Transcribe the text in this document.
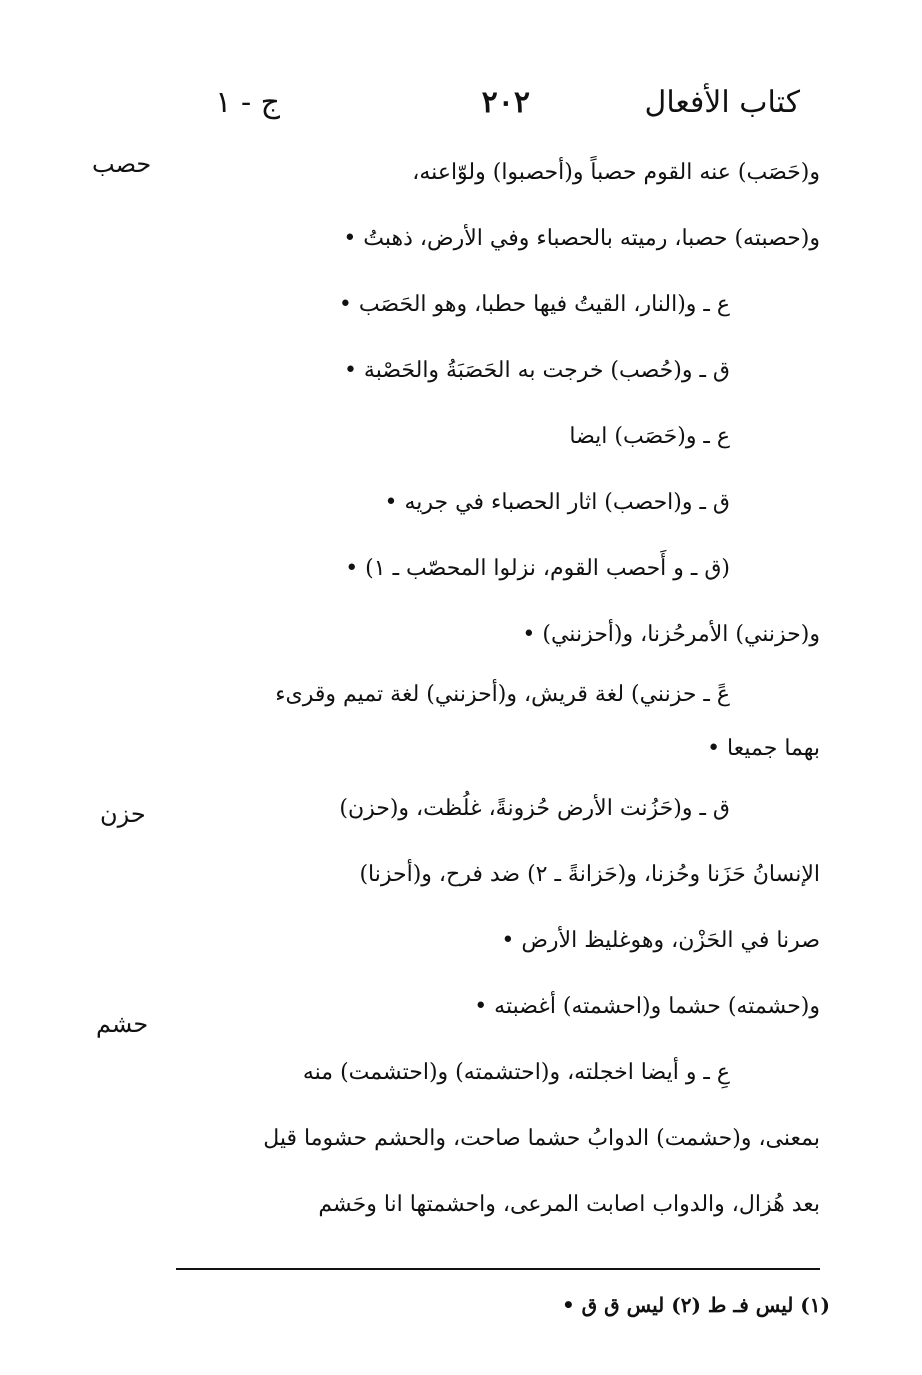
كتاب الأفعال
٢٠٢
ج - ١
حصب
حزن
حشم
و(حَصَب) عنه القوم حصباً و(أحصبوا) ولوّاعنه،
و(حصبته) حصبا، رميته بالحصباء وفي الأرض، ذهبتُ •
ع ـ و(النار، القيتُ فيها حطبا، وهو الحَصَب •
ق ـ و(حُصب) خرجت به الحَصَبَةُ والحَصْبة •
ع ـ و(حَصَب) ايضا
ق ـ و(احصب) اثار الحصباء في جريه •
(ق ـ و أَحصب القوم، نزلوا المحصّب ـ ١) •
و(حزنني) الأمرحُزنا، و(أحزنني) •
عً ـ حزنني) لغة قريش، و(أحزنني) لغة تميم وقرىء
بهما جميعا •
ق ـ و(حَزُنت الأرض حُزونةً، غلُظت، و(حزن)
الإنسانُ حَزَنا وحُزنا، و(حَزانةً ـ ٢) ضد فرح، و(أحزنا)
صرنا في الحَزْن، وهوغليظ الأرض •
و(حشمته) حشما و(احشمته) أغضبته •
عِ ـ و أيضا اخجلته، و(احتشمته) و(احتشمت) منه
بمعنى، و(حشمت) الدوابُ حشما صاحت، والحشم حشوما قيل
بعد هُزال، والدواب اصابت المرعى، واحشمتها انا وحَشم
(١) ليس فـ ط (٢) ليس ق ق •
